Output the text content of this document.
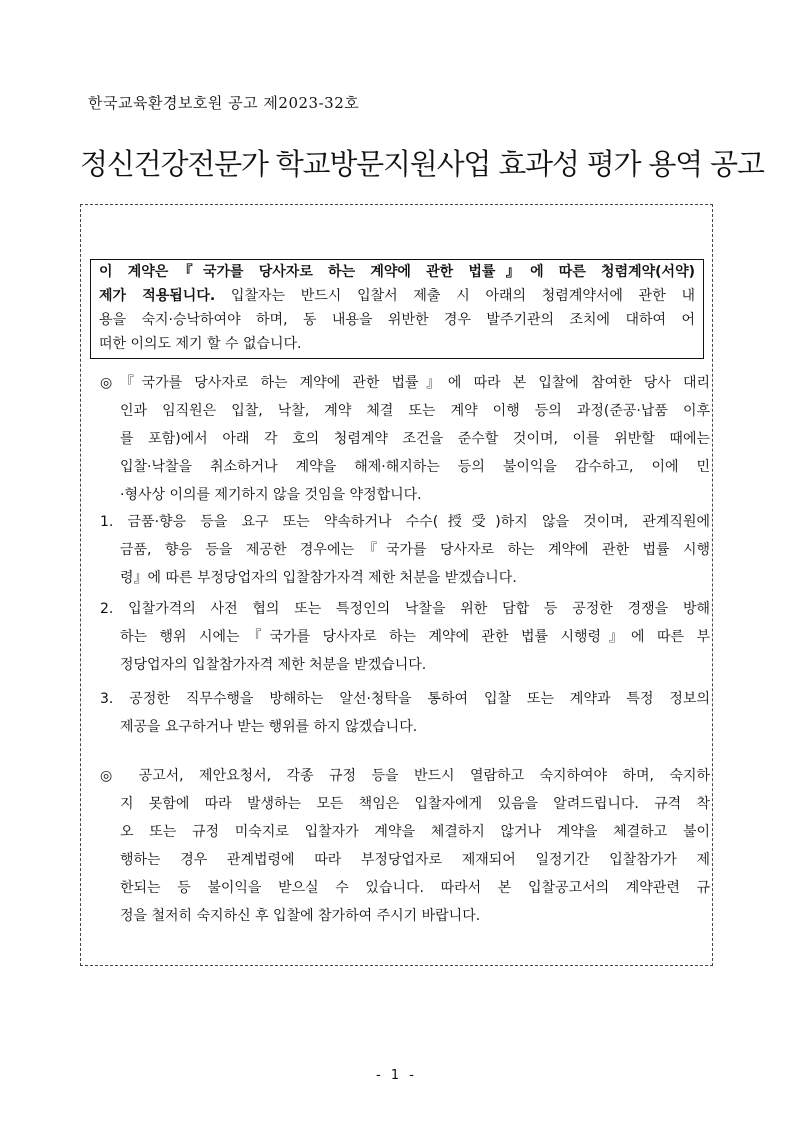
한국교육환경보호원 공고 제2023-32호
정신건강전문가 학교방문지원사업 효과성 평가 용역 공고
이 계약은『국가를 당사자로 하는 계약에 관한 법률』에 따른 청렴계약(서약)
제가 적용됩니다. 입찰자는 반드시 입찰서 제출 시 아래의 청렴계약서에 관한 내
용을 숙지·승낙하여야 하며, 동 내용을 위반한 경우 발주기관의 조치에 대하여 어
떠한 이의도 제기 할 수 없습니다.
◎『국가를 당사자로 하는 계약에 관한 법률』에 따라 본 입찰에 참여한 당사 대리
인과 임직원은 입찰, 낙찰, 계약 체결 또는 계약 이행 등의 과정(준공·납품 이후
를 포함)에서 아래 각 호의 청렴계약 조건을 준수할 것이며, 이를 위반할 때에는
입찰·낙찰을 취소하거나 계약을 해제·해지하는 등의 불이익을 감수하고, 이에 민
·형사상 이의를 제기하지 않을 것임을 약정합니다.
1. 금품·향응 등을 요구 또는 약속하거나 수수(授受)하지 않을 것이며, 관계직원에
금품, 향응 등을 제공한 경우에는『국가를 당사자로 하는 계약에 관한 법률 시행
령』에 따른 부정당업자의 입찰참가자격 제한 처분을 받겠습니다.
2. 입찰가격의 사전 협의 또는 특정인의 낙찰을 위한 담합 등 공정한 경쟁을 방해
하는 행위 시에는『국가를 당사자로 하는 계약에 관한 법률 시행령』에 따른 부
정당업자의 입찰참가자격 제한 처분을 받겠습니다.
3. 공정한 직무수행을 방해하는 알선·청탁을 통하여 입찰 또는 계약과 특정 정보의
제공을 요구하거나 받는 행위를 하지 않겠습니다.
◎ 공고서, 제안요청서, 각종 규정 등을 반드시 열람하고 숙지하여야 하며, 숙지하
지 못함에 따라 발생하는 모든 책임은 입찰자에게 있음을 알려드립니다. 규격 착
오 또는 규정 미숙지로 입찰자가 계약을 체결하지 않거나 계약을 체결하고 불이
행하는 경우 관계법령에 따라 부정당업자로 제재되어 일정기간 입찰참가가 제
한되는 등 불이익을 받으실 수 있습니다. 따라서 본 입찰공고서의 계약관련 규
정을 철저히 숙지하신 후 입찰에 참가하여 주시기 바랍니다.
- 1 -
